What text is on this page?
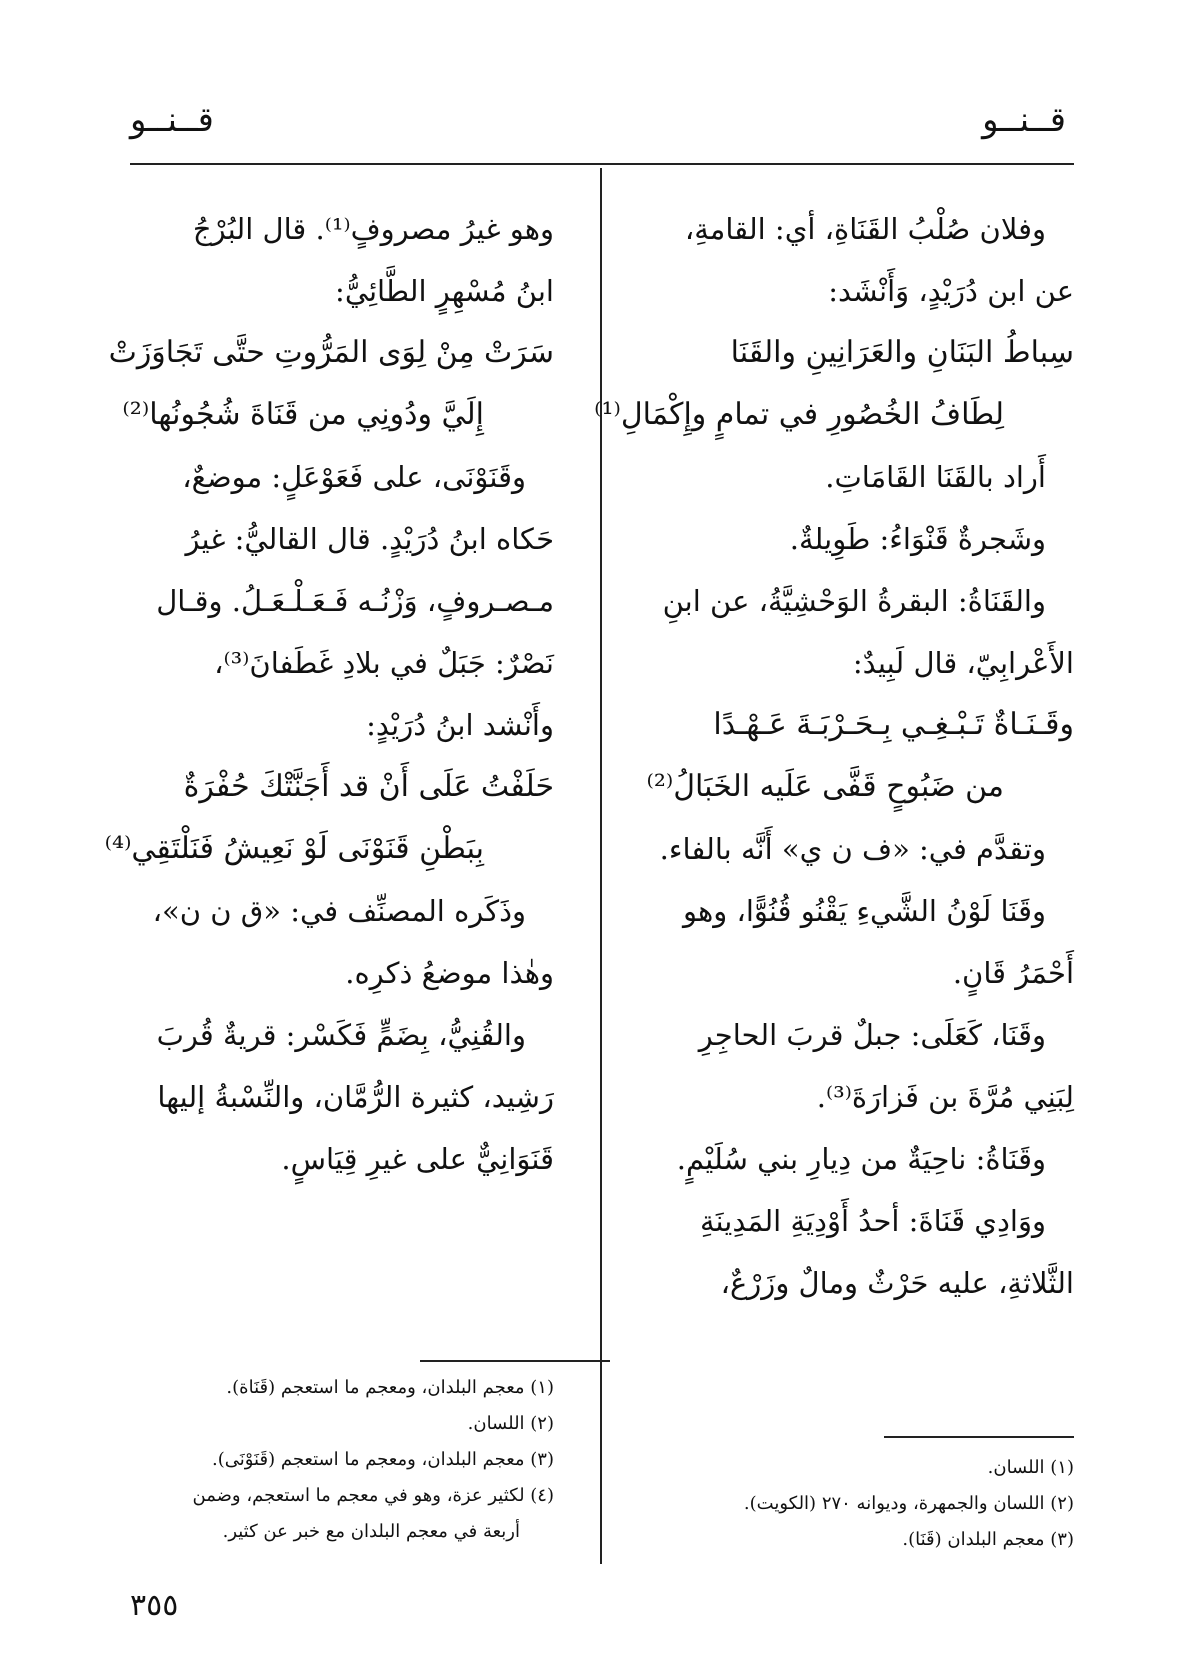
قــنــو
قــنــو
وفلان صُلْبُ القَنَاةِ، أي: القامةِ،
عن ابن دُرَيْدٍ، وَأَنْشَد:
سِباطُ البَنَانِ والعَرَانِينِ والقَنَا
لِطَافُ الخُصُورِ في تمامٍ وإِكْمَالِ⁽¹⁾
أَراد بالقَنَا القَامَاتِ.
وشَجرةٌ قَنْوَاءُ: طَوِيلةٌ.
والقَنَاةُ: البقرةُ الوَحْشِيَّةُ، عن ابنِ
الأَعْرابِيّ، قال لَبِيدٌ:
وقَـنَـاةٌ تَـبْـغِـي بِـحَـرْبَـةَ عَـهْـدًا
من ضَبُوحٍ قَفَّى عَلَيه الخَبَالُ⁽²⁾
وتقدَّم في: «ف ن ي» أَنَّه بالفاء.
وقَنَا لَوْنُ الشَّيءِ يَقْنُو قُنُوًّا، وهو
أَحْمَرُ قَانٍ.
وقَنَا، كَعَلَى: جبلٌ قربَ الحاجِرِ
لِبَنِي مُرَّةَ بن فَزارَةَ⁽³⁾.
وقَنَاةُ: ناحِيَةٌ من دِيارِ بني سُلَيْمٍ.
ووَادِي قَنَاةَ: أحدُ أَوْدِيَةِ المَدِينَةِ
الثَّلاثةِ، عليه حَرْثٌ ومالٌ وزَرْعٌ،
وهو غيرُ مصروفٍ⁽¹⁾. قال البُرْجُ
ابنُ مُسْهِرٍ الطَّائِيُّ:
سَرَتْ مِنْ لِوَى المَرُّوتِ حتَّى تَجَاوَزَتْ
إِلَيَّ ودُونِي من قَنَاةَ شُجُونُها⁽²⁾
وقَنَوْنَى، على فَعَوْعَلٍ: موضعٌ،
حَكاه ابنُ دُرَيْدٍ. قال القاليُّ: غيرُ
مـصـروفٍ، وَزْنُـه فَـعَـلْـعَـلُ. وقـال
نَصْرٌ: جَبَلٌ في بلادِ غَطَفانَ⁽³⁾،
وأَنْشد ابنُ دُرَيْدٍ:
حَلَفْتُ عَلَى أَنْ قد أَجَنَّتْكَ حُفْرَةٌ
بِبَطْنِ قَنَوْنَى لَوْ نَعِيشُ فَنَلْتَقِي⁽⁴⁾
وذَكَره المصنِّف في: «ق ن ن»،
وهٰذا موضعُ ذكرِه.
والقُنِيُّ، بِضَمٍّ فَكَسْر: قريةٌ قُربَ
رَشِيد، كثيرة الرُّمَّان، والنِّسْبةُ إليها
قَنَوَانِيٌّ على غيرِ قِيَاسٍ.
(١) اللسان.
(٢) اللسان والجمهرة، وديوانه ٢٧٠ (الكويت).
(٣) معجم البلدان (قَنَا).
(١) معجم البلدان، ومعجم ما استعجم (قَنَاة).
(٢) اللسان.
(٣) معجم البلدان، ومعجم ما استعجم (قَنَوْنَى).
(٤) لكثير عزة، وهو في معجم ما استعجم، وضمن
أربعة في معجم البلدان مع خبر عن كثير.
٣٥٥
